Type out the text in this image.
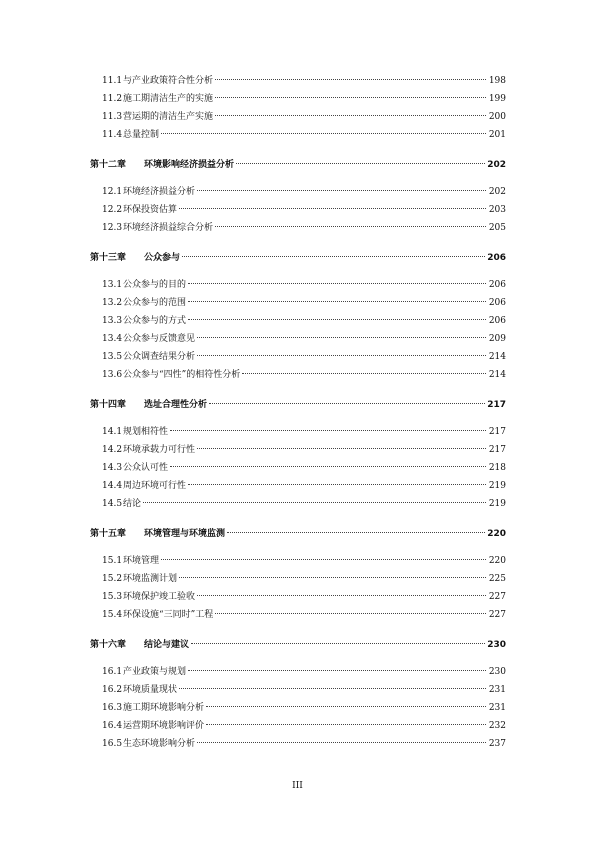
11.1 与产业政策符合性分析	198
11.2 施工期清洁生产的实施	199
11.3 营运期的清洁生产实施	200
11.4 总量控制	201
第十二章 环境影响经济损益分析	202
12.1 环境经济损益分析	202
12.2 环保投资估算	203
12.3 环境经济损益综合分析	205
第十三章 公众参与	206
13.1 公众参与的目的	206
13.2 公众参与的范围	206
13.3 公众参与的方式	206
13.4 公众参与反馈意见	209
13.5 公众调查结果分析	214
13.6 公众参与“四性”的相符性分析	214
第十四章 选址合理性分析	217
14.1 规划相符性	217
14.2 环境承载力可行性	217
14.3 公众认可性	218
14.4 周边环境可行性	219
14.5 结论	219
第十五章 环境管理与环境监测	220
15.1 环境管理	220
15.2 环境监测计划	225
15.3 环境保护竣工验收	227
15.4 环保设施“三同时”工程	227
第十六章 结论与建议	230
16.1 产业政策与规划	230
16.2 环境质量现状	231
16.3 施工期环境影响分析	231
16.4 运营期环境影响评价	232
16.5 生态环境影响分析	237
III
